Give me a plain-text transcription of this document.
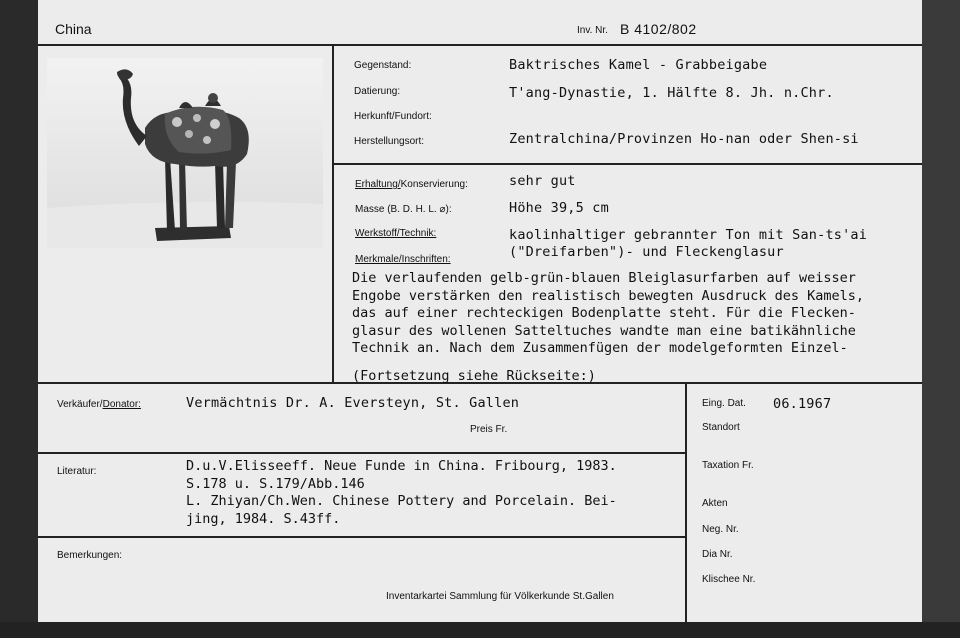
China	Inv. Nr. B 4102/802
Gegenstand:	Baktrisches Kamel - Grabbeigabe
Datierung:	T'ang-Dynastie, 1. Hälfte 8. Jh. n.Chr.
Herkunft/Fundort:
Herstellungsort:	Zentralchina/Provinzen Ho-nan oder Shen-si
Erhaltung/Konservierung:	sehr gut
Masse (B. D. H. L. ⌀):	Höhe 39,5 cm
Werkstoff/Technik:	kaolinhaltiger gebrannter Ton mit San-ts'ai
("Dreifarben")- und Fleckenglasur
Merkmale/Inschriften:
Die verlaufenden gelb-grün-blauen Bleiglasurfarben auf weisser
Engobe verstärken den realistisch bewegten Ausdruck des Kamels,
das auf einer rechteckigen Bodenplatte steht. Für die Flecken-
glasur des wollenen Satteltuches wandte man eine batikähnliche
Technik an. Nach dem Zusammenfügen der modelgeformten Einzel-
(Fortsetzung siehe Rückseite:)
Verkäufer/Donator:	Vermächtnis Dr. A. Eversteyn, St. Gallen
Preis Fr.
Literatur:	D.u.V.Elisseeff. Neue Funde in China. Fribourg, 1983.
S.178 u. S.179/Abb.146
L. Zhiyan/Ch.Wen. Chinese Pottery and Porcelain. Bei-
jing, 1984. S.43ff.
Bemerkungen:
Inventarkartei Sammlung für Völkerkunde St.Gallen
Eing. Dat. 06.1967
Standort
Taxation Fr.
Akten
Neg. Nr.
Dia Nr.
Klischee Nr.
